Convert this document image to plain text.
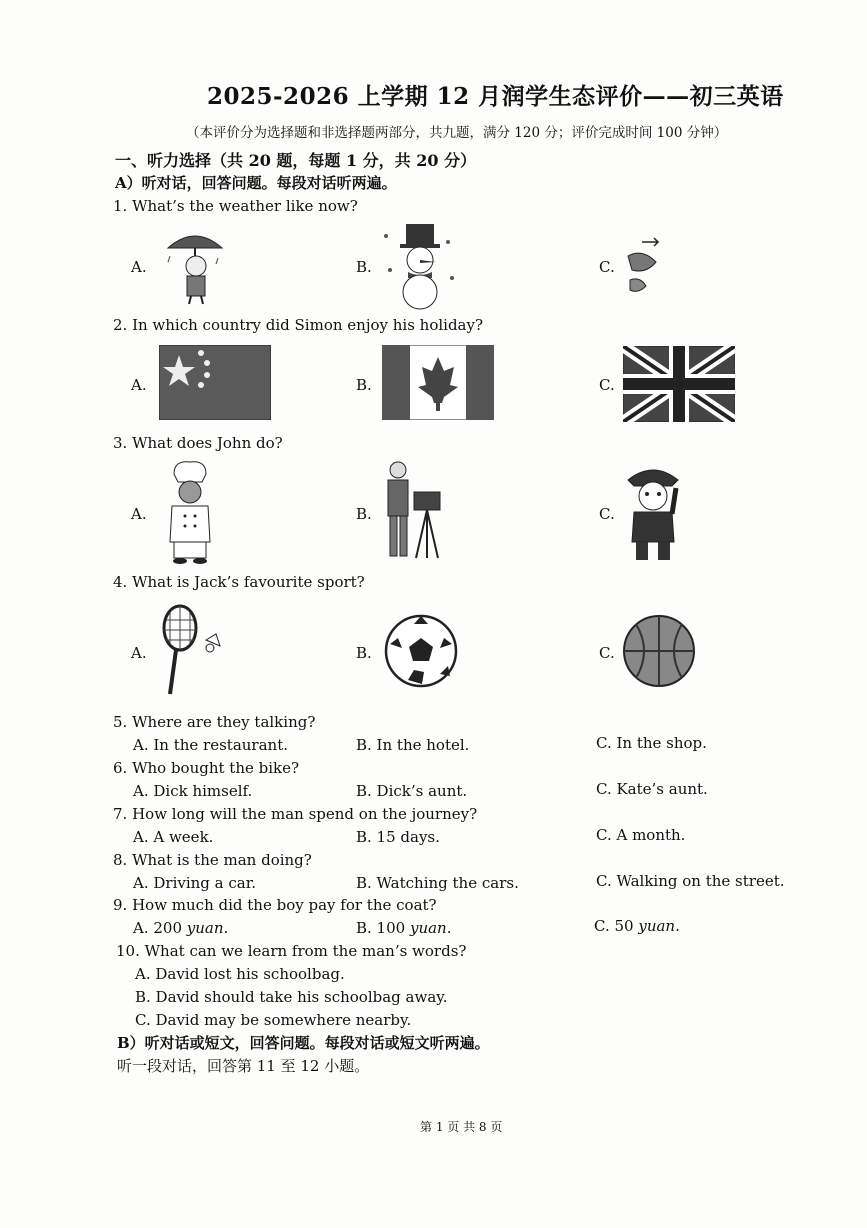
2025-2026 上学期 12 月润学生态评价——初三英语
（本评价分为选择题和非选择题两部分，共九题，满分 120 分；评价完成时间 100 分钟）
一、听力选择（共 20 题，每题 1 分，共 20 分）
A）听对话，回答问题。每段对话听两遍。
1. What’s the weather like now?
A.	B.	C.
2. In which country did Simon enjoy his holiday?
A.	B.	C.
3. What does John do?
A.	B.	C.
4. What is Jack’s favourite sport?
A.	B.	C.
5. Where are they talking?
A. In the restaurant.	B. In the hotel.	C. In the shop.
6. Who bought the bike?
A. Dick himself.	B. Dick’s aunt.	C. Kate’s aunt.
7. How long will the man spend on the journey?
A. A week.	B. 15 days.	C. A month.
8. What is the man doing?
A. Driving a car.	B. Watching the cars.	C. Walking on the street.
9. How much did the boy pay for the coat?
A. 200 yuan.	B. 100 yuan.	C. 50 yuan.
10. What can we learn from the man’s words?
A. David lost his schoolbag.
B. David should take his schoolbag away.
C. David may be somewhere nearby.
B）听对话或短文，回答问题。每段对话或短文听两遍。
听一段对话，回答第 11 至 12 小题。
第 1 页 共 8 页
